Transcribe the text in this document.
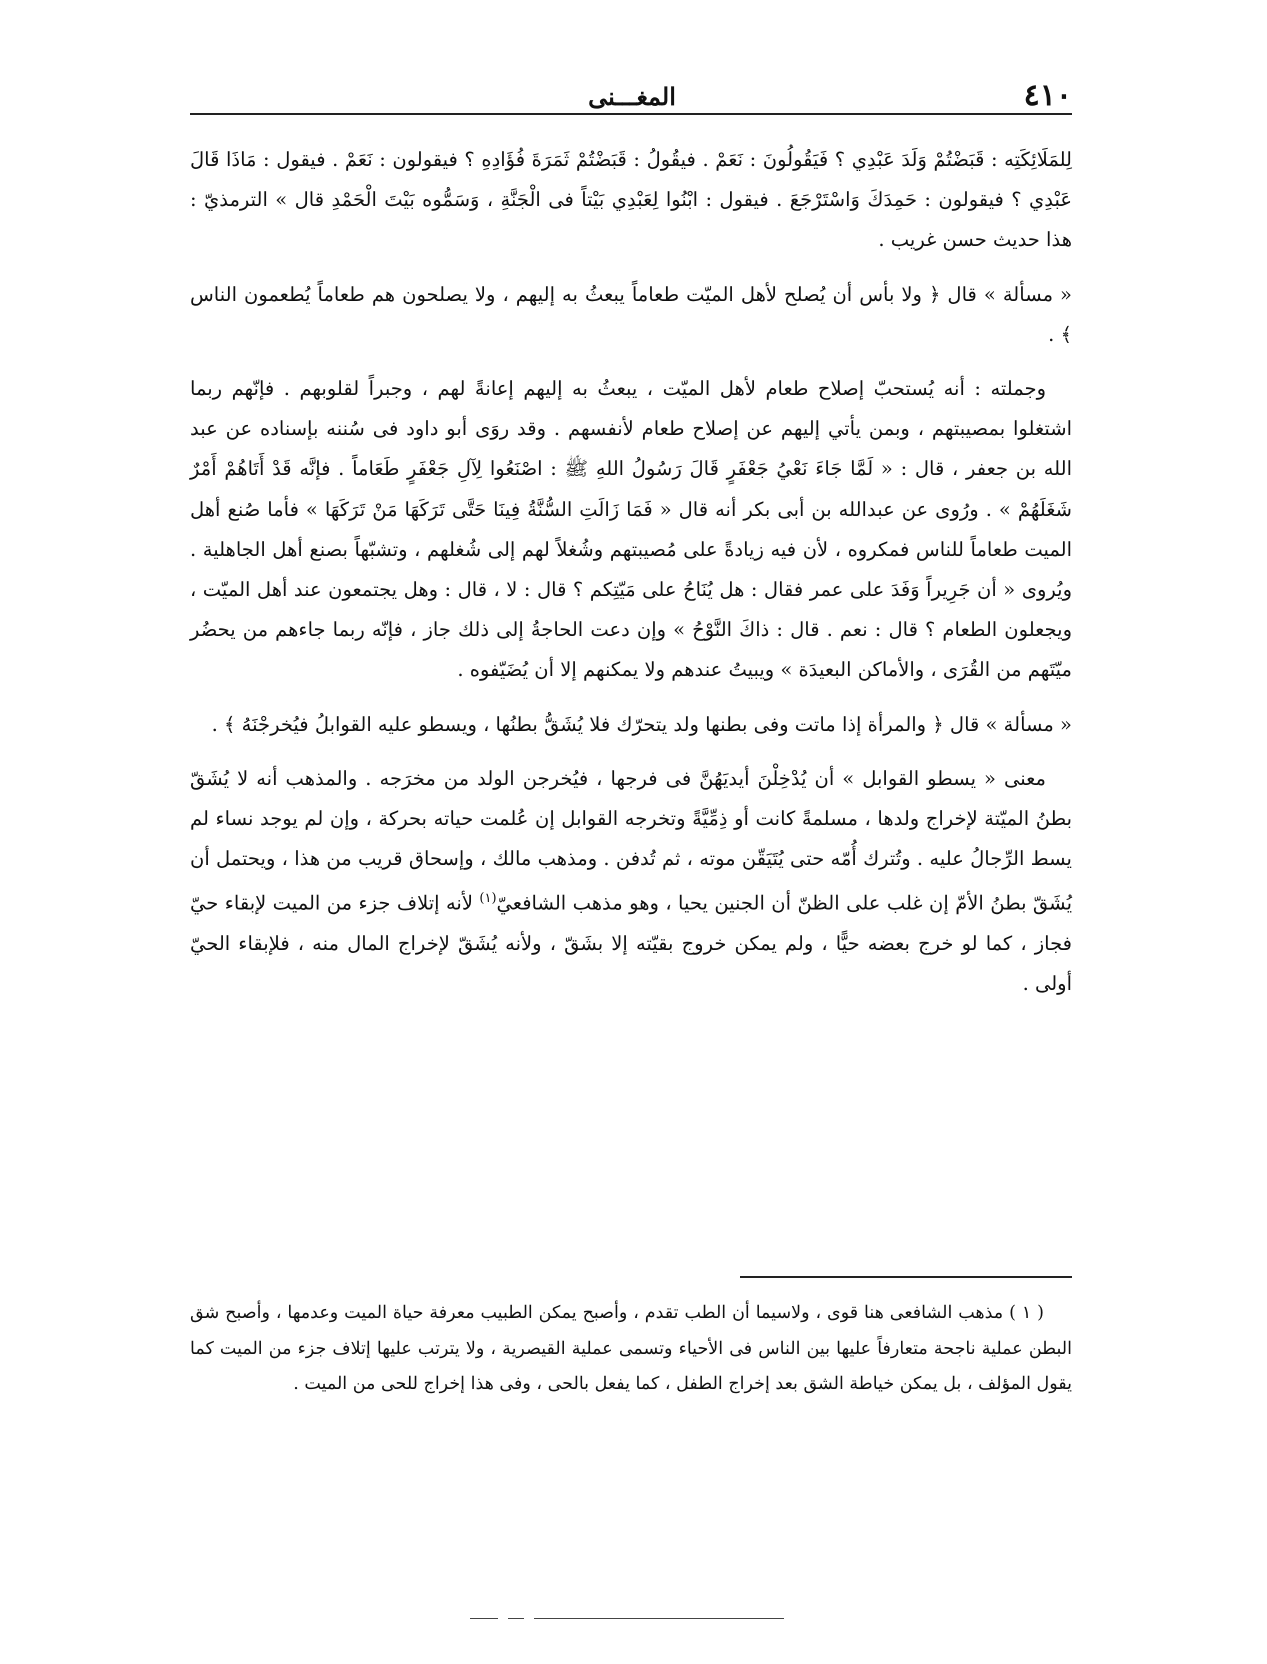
٤١٠
المغـــنى

لِلمَلَائِكَتِه : قَبَضْتُمْ وَلَدَ عَبْدِي ؟ فَيَقُولُونَ : نَعَمْ . فيقُولُ : قَبَضْتُمْ ثَمَرَةَ فُؤَادِهِ ؟ فيقولون : نَعَمْ . فيقول : مَاذَا قَالَ عَبْدِي ؟ فيقولون : حَمِدَكَ وَاسْتَرْجَعَ . فيقول : ابْنُوا لِعَبْدِي بَيْتاً فى الْجَنَّةِ ، وَسَمُّوه بَيْتَ الْحَمْدِ قال » الترمذيّ : هذا حديث حسن غريب .

« مسألة » قال ﴿ ولا بأس أن يُصلح لأهل الميّت طعاماً يبعثُ به إليهم ، ولا يصلحون هم طعاماً يُطعمون الناس ﴾ .

وجملته : أنه يُستحبّ إصلاح طعام لأهل الميّت ، يبعثُ به إليهم إعانةً لهم ، وجبراً لقلوبهم . فإنّهم ربما اشتغلوا بمصيبتهم ، وبمن يأتي إليهم عن إصلاح طعام لأنفسهم . وقد روَى أبو داود فى سُننه بإسناده عن عبد الله بن جعفر ، قال : « لَمَّا جَاءَ نَعْيُ جَعْفَرٍ قَالَ رَسُولُ اللهِ ﷺ : اصْنَعُوا لِآلِ جَعْفَرٍ طَعَاماً . فإنَّه قَدْ أَتَاهُمْ أَمْرٌ شَغَلَهُمْ » . ورُوى عن عبدالله بن أبى بكر أنه قال « فَمَا زَالَتِ السُّنَّةُ فِينَا حَتَّى تَرَكَهَا مَنْ تَرَكَهَا » فأما صُنع أهل الميت طعاماً للناس فمكروه ، لأن فيه زيادةً على مُصيبتهم وشُغلاً لهم إلى شُغلهم ، وتشبّهاً بصنع أهل الجاهلية . ويُروى « أن جَرِيراً وَفَدَ على عمر فقال : هل يُنَاحُ على مَيّتِكم ؟ قال : لا ، قال : وهل يجتمعون عند أهل الميّت ، ويجعلون الطعام ؟ قال : نعم . قال : ذاكَ النَّوْحُ » وإن دعت الحاجةُ إلى ذلك جاز ، فإنّه ربما جاءهم من يحضُر ميّتَهم من القُرَى ، والأماكن البعيدَة » ويبيتُ عندهم ولا يمكنهم إلا أن يُضَيّفوه .

« مسألة » قال ﴿ والمرأة إذا ماتت وفى بطنها ولد يتحرّك فلا يُشَقُّ بطنُها ، ويسطو عليه القوابلُ فيُخرجْنَهُ ﴾ .

معنى « يسطو القوابل » أن يُدْخِلْنَ أيديَهُنَّ فى فرجها ، فيُخرجن الولد من مخرَجه . والمذهب أنه لا يُشَقّ بطنُ الميّتة لإخراج ولدها ، مسلمةً كانت أو ذِمِّيَّةً وتخرجه القوابل إن عُلمت حياته بحركة ، وإن لم يوجد نساء لم يسط الرِّجالُ عليه . وتُترك أُمّه حتى يُتَيَقّن موته ، ثم تُدفن . ومذهب مالك ، وإسحاق قريب من هذا ، ويحتمل أن يُشَقّ بطنُ الأمّ إن غلب على الظنّ أن الجنين يحيا ، وهو مذهب الشافعيّ$^{(١)}$ لأنه إتلاف جزء من الميت لإبقاء حيّ فجاز ، كما لو خرج بعضه حيًّا ، ولم يمكن خروج بقيّته إلا بشَقّ ، ولأنه يُشَقّ لإخراج المال منه ، فلإبقاء الحيّ أولى .

( ١ ) مذهب الشافعى هنا قوى ، ولاسيما أن الطب تقدم ، وأصبح يمكن الطبيب معرفة حياة الميت وعدمها ، وأصبح شق البطن عملية ناجحة متعارفاً عليها بين الناس فى الأحياء وتسمى عملية القيصرية ، ولا يترتب عليها إتلاف جزء من الميت كما يقول المؤلف ، بل يمكن خياطة الشق بعد إخراج الطفل ، كما يفعل بالحى ، وفى هذا إخراج للحى من الميت .
